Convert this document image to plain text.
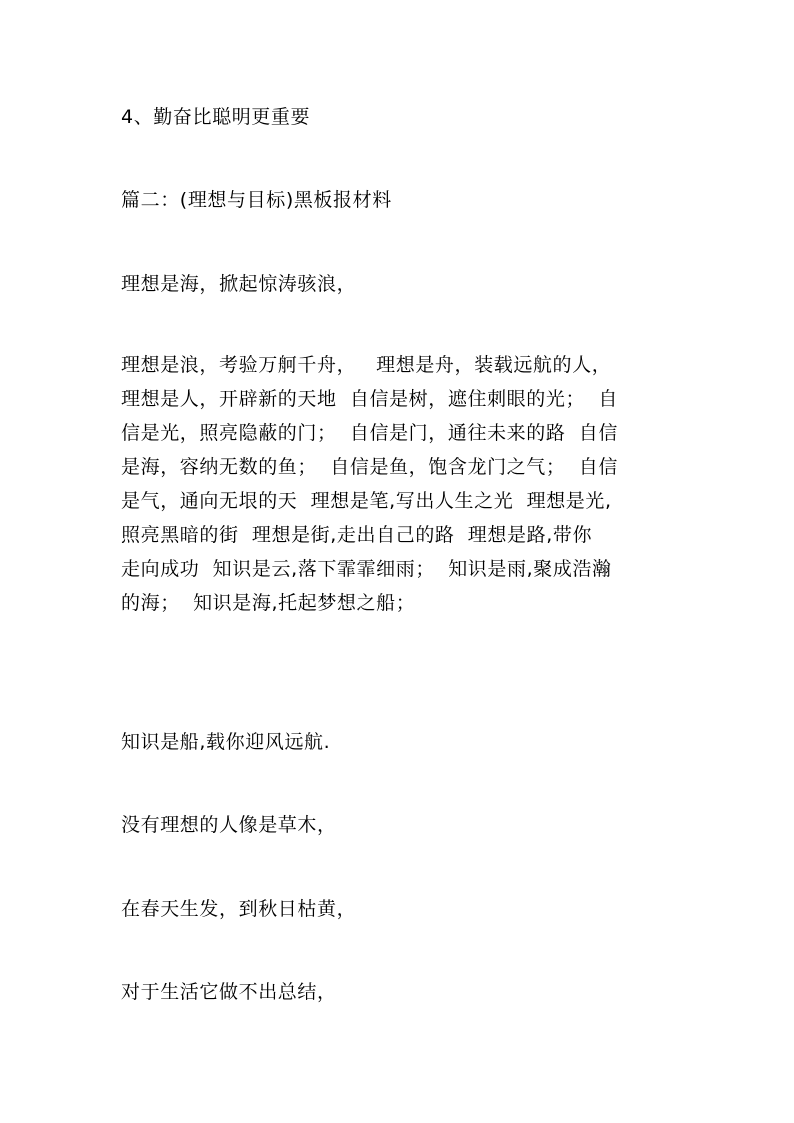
4、勤奋比聪明更重要
篇二：(理想与目标)黑板报材料
理想是海，掀起惊涛骇浪，
理想是浪，考验万舸千舟，   理想是舟，装载远航的人，
理想是人，开辟新的天地  自信是树，遮住刺眼的光；  自
信是光，照亮隐蔽的门；  自信是门，通往未来的路  自信
是海，容纳无数的鱼；  自信是鱼，饱含龙门之气；  自信
是气，通向无垠的天  理想是笔,写出人生之光  理想是光,
照亮黑暗的街  理想是街,走出自己的路  理想是路,带你
走向成功  知识是云,落下霏霏细雨；  知识是雨,聚成浩瀚
的海；  知识是海,托起梦想之船；
知识是船,载你迎风远航.
没有理想的人像是草木，
在春天生发，到秋日枯黄，
对于生活它做不出总结，
